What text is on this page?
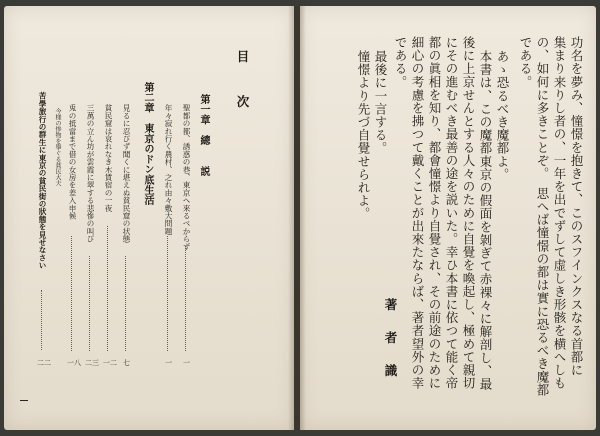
目　次
第一章　總　　説
聖都の都、誘惑の巷、東京へ來るべからず
一
年々寂れ行く農村、之れ由々敷大問題
一
第二章　東京のドン底生活
見るに忍びず聞くに堪えぬ貧民窟の状態
七
貧民窟は哀れなき木賃宿の一夜
一二
三萬の立ん坊が雲霞に翠する悲慘の叫び
二三
兎の抵當まで借の女房を差入申候
一八
今様の惨物を擧ぐる貧民大夫
苦學旅行の群生に東京の貧民街の狀態を見せなさい
二二	功名を夢み、憧憬を抱きて、このスフインクスなる首都に
集まり来りし者の、一年を出でずして虚しき形骸を横へしも
の、如何に多きことぞ。　思へば憧憬の都は實に恐るべき魔都
である。
あゝ恐るべき魔都よ。
本書は、この魔都東京の假面を剝ぎて赤裸々に解剖し、最
後に上京せんとする人々のために自覺を喚起し、極めて親切
にその進むべき最善の途を説いた。幸ひ本書に依つて能く帝
都の眞相を知り、都會憧憬より自覺され、その前途のために
細心の考慮を拂つて戴くことが出來たならば、著者望外の幸
である。
最後に一言する。
憧憬より先づ自覺せられよ。
著　者　識
